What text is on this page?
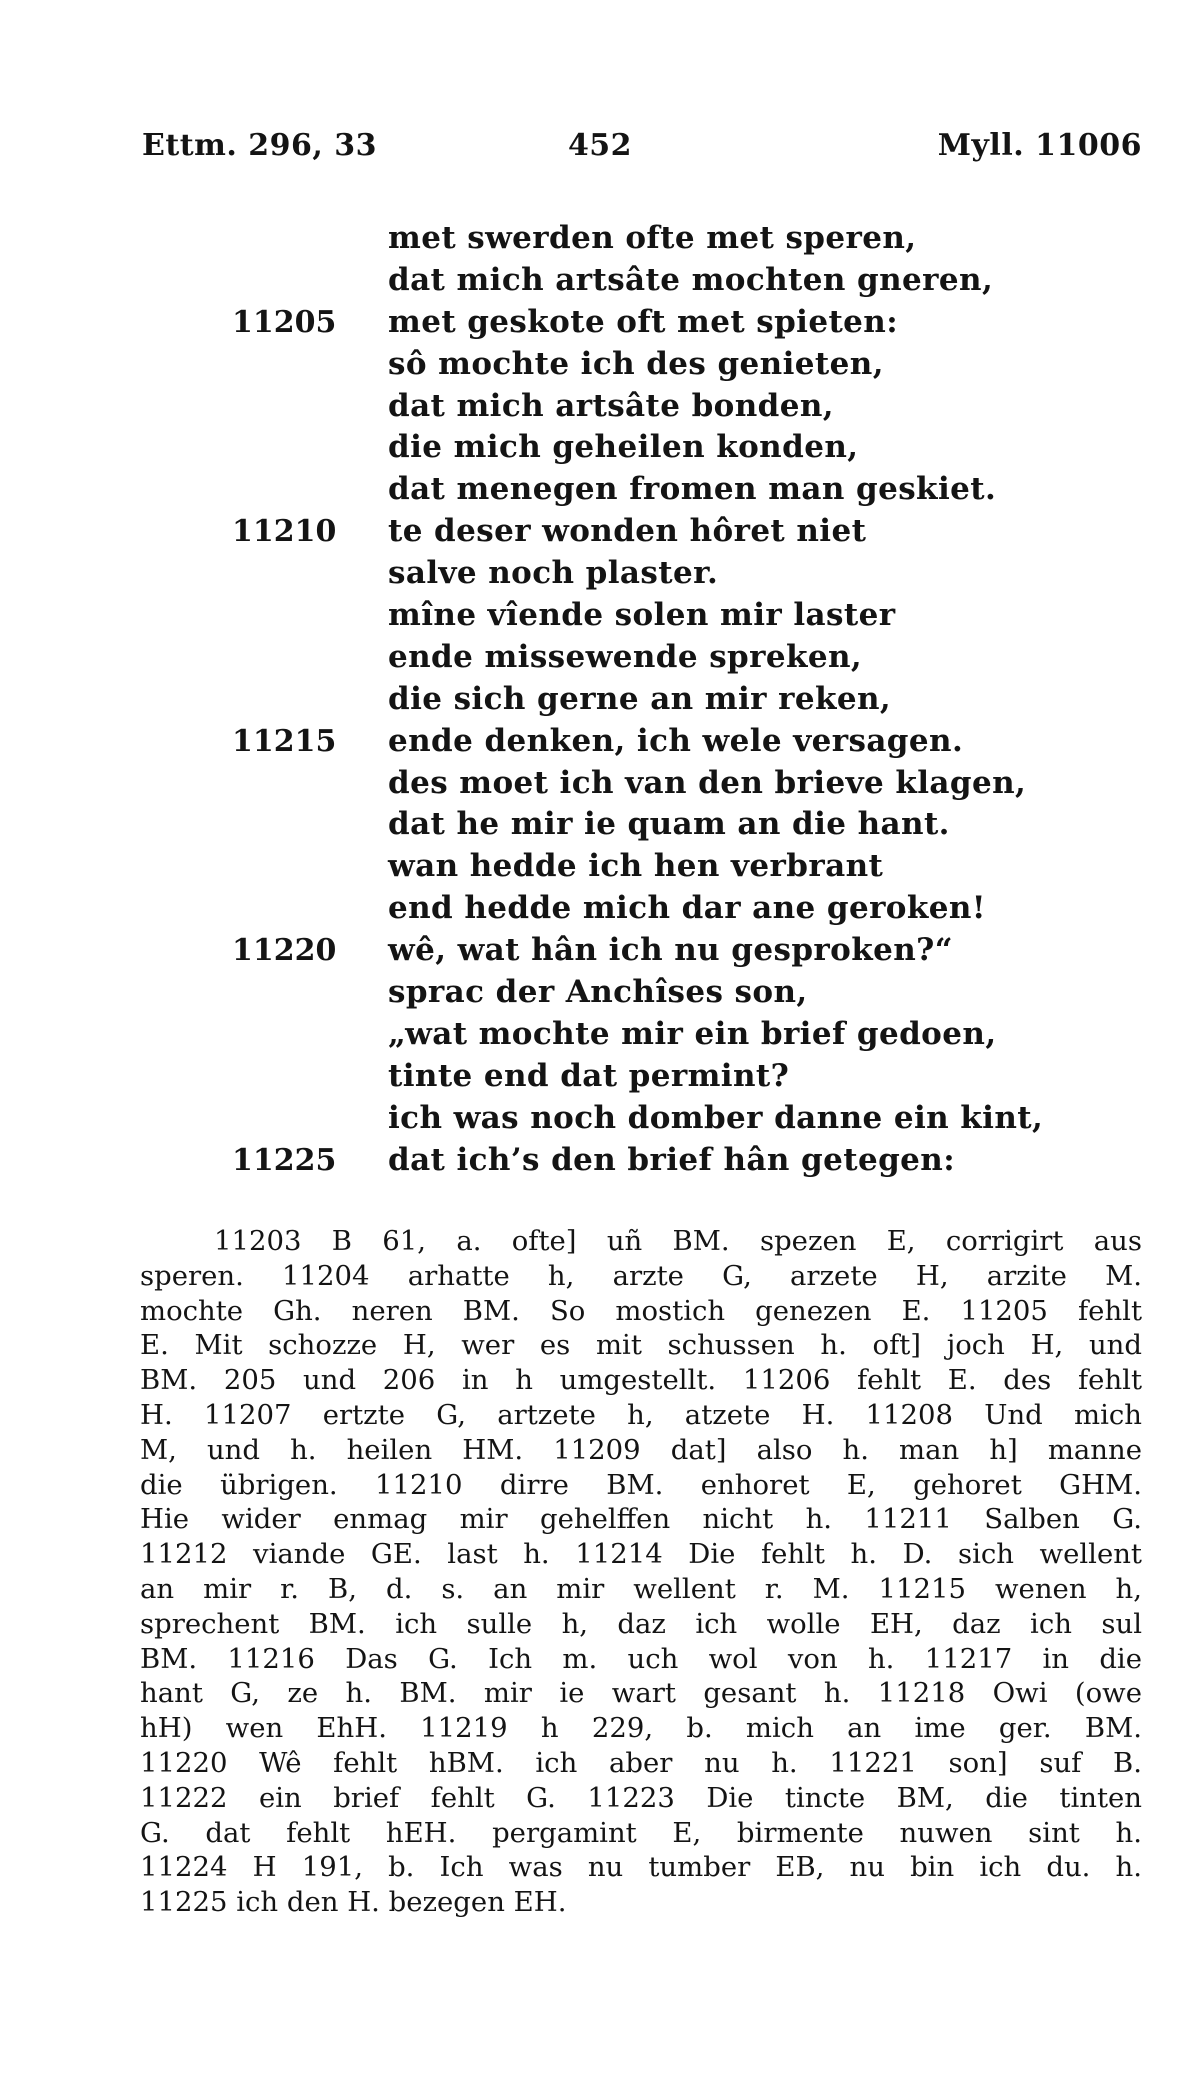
452
Ettm. 296, 33	Myll. 11006
met swerden ofte met speren,
dat mich artsâte mochten gneren,
11205	met geskote oft met spieten:
sô mochte ich des genieten,
dat mich artsâte bonden,
die mich geheilen konden,
dat menegen fromen man geskiet.
11210	te deser wonden hôret niet
salve noch plaster.
mîne vîende solen mir laster
ende missewende spreken,
die sich gerne an mir reken,
11215	ende denken, ich wele versagen.
des moet ich van den brieve klagen,
dat he mir ie quam an die hant.
wan hedde ich hen verbrant
end hedde mich dar ane geroken!
11220	wê, wat hân ich nu gesproken?“
sprac der Anchîses son,
„wat mochte mir ein brief gedoen,
tinte end dat permint?
ich was noch domber danne ein kint,
11225	dat ich’s den brief hân getegen:
11203 B 61, a. ofte] uñ BM. spezen E, corrigirt aus
speren. 11204 arhatte h, arzte G, arzete H, arzite M.
mochte Gh. neren BM. So mostich genezen E. 11205 fehlt
E. Mit schozze H, wer es mit schussen h. oft] joch H, und
BM. 205 und 206 in h umgestellt. 11206 fehlt E. des fehlt
H. 11207 ertzte G, artzete h, atzete H. 11208 Und mich
M, und h. heilen HM. 11209 dat] also h. man h] manne
die übrigen. 11210 dirre BM. enhoret E, gehoret GHM.
Hie wider enmag mir gehelffen nicht h. 11211 Salben G.
11212 viande GE. last h. 11214 Die fehlt h. D. sich wellent
an mir r. B, d. s. an mir wellent r. M. 11215 wenen h,
sprechent BM. ich sulle h, daz ich wolle EH, daz ich sul
BM. 11216 Das G. Ich m. uch wol von h. 11217 in die
hant G, ze h. BM. mir ie wart gesant h. 11218 Owi (owe
hH) wen EhH. 11219 h 229, b. mich an ime ger. BM.
11220 Wê fehlt hBM. ich aber nu h. 11221 son] suf B.
11222 ein brief fehlt G. 11223 Die tincte BM, die tinten
G. dat fehlt hEH. pergamint E, birmente nuwen sint h.
11224 H 191, b. Ich was nu tumber EB, nu bin ich du. h.
11225 ich den H. bezegen EH.
